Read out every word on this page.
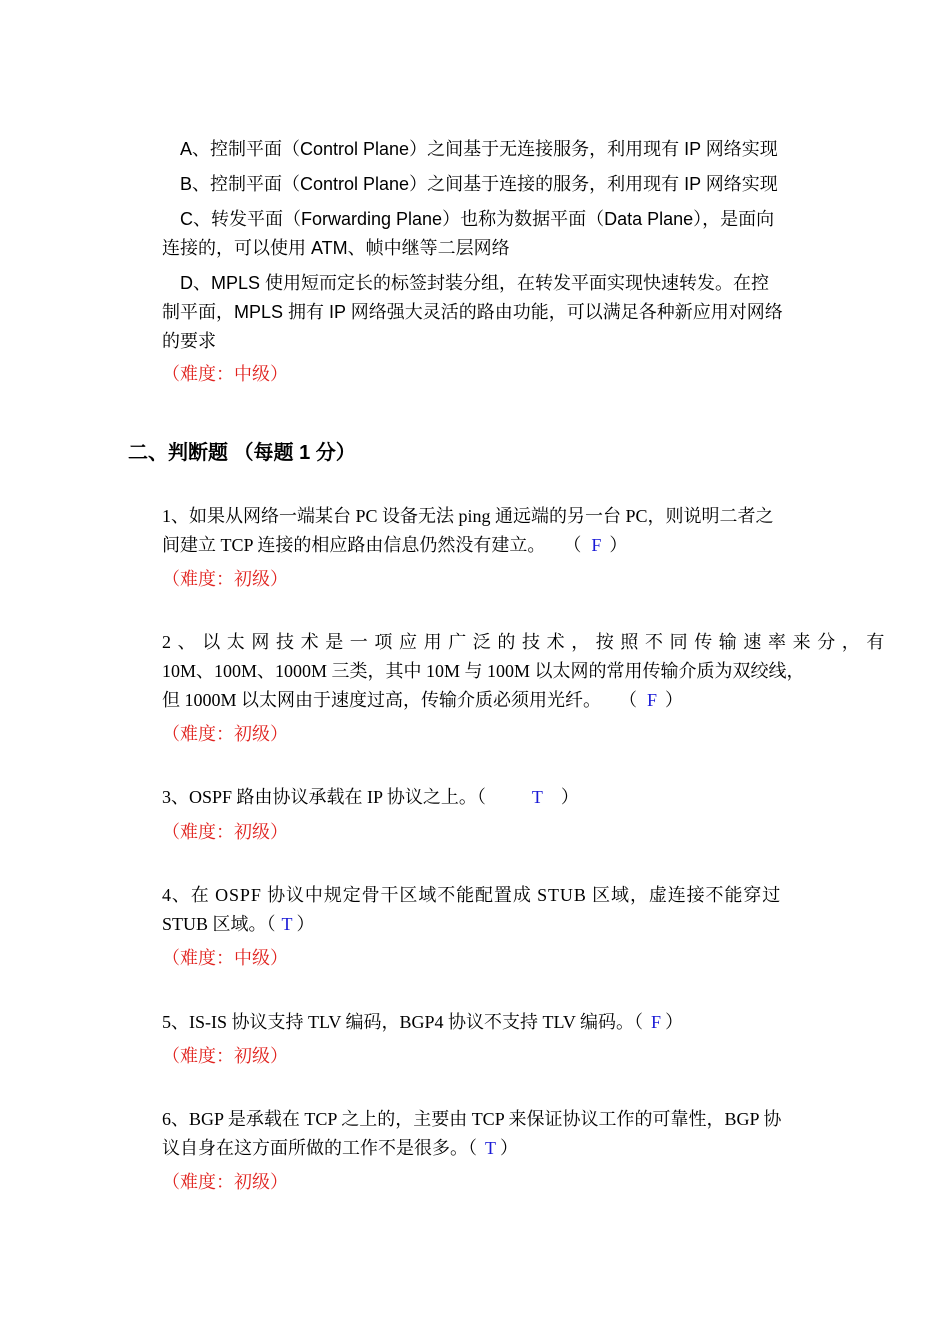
A、控制平面（Control Plane）之间基于无连接服务，利用现有 IP 网络实现
B、控制平面（Control Plane）之间基于连接的服务，利用现有 IP 网络实现
C、转发平面（Forwarding Plane）也称为数据平面（Data Plane），是面向
连接的，可以使用 ATM、帧中继等二层网络
D、MPLS 使用短而定长的标签封装分组，在转发平面实现快速转发。在控
制平面，MPLS 拥有 IP 网络强大灵活的路由功能，可以满足各种新应用对网络
的要求
（难度：中级）
二、判断题 （每题 1 分）
1、如果从网络一端某台 PC 设备无法 ping 通远端的另一台 PC，则说明二者之
间建立 TCP 连接的相应路由信息仍然没有建立。　　（ F ）
（难度：初级）
2、以太网技术是一项应用广泛的技术，按照不同传输速率来分，有
10M、100M、1000M 三类，其中 10M 与 100M 以太网的常用传输介质为双绞线，
但 1000M 以太网由于速度过高，传输介质必须用光纤。　　（ F ）
（难度：初级）
3、OSPF 路由协议承载在 IP 协议之上。（	T ）
（难度：初级）
4、在 OSPF 协议中规定骨干区域不能配置成 STUB 区域，虚连接不能穿过
STUB 区域。（ T ）
（难度：中级）
5、IS-IS 协议支持 TLV 编码，BGP4 协议不支持 TLV 编码。（ F ）
（难度：初级）
6、BGP 是承载在 TCP 之上的，主要由 TCP 来保证协议工作的可靠性，BGP 协
议自身在这方面所做的工作不是很多。（ T ）
（难度：初级）
